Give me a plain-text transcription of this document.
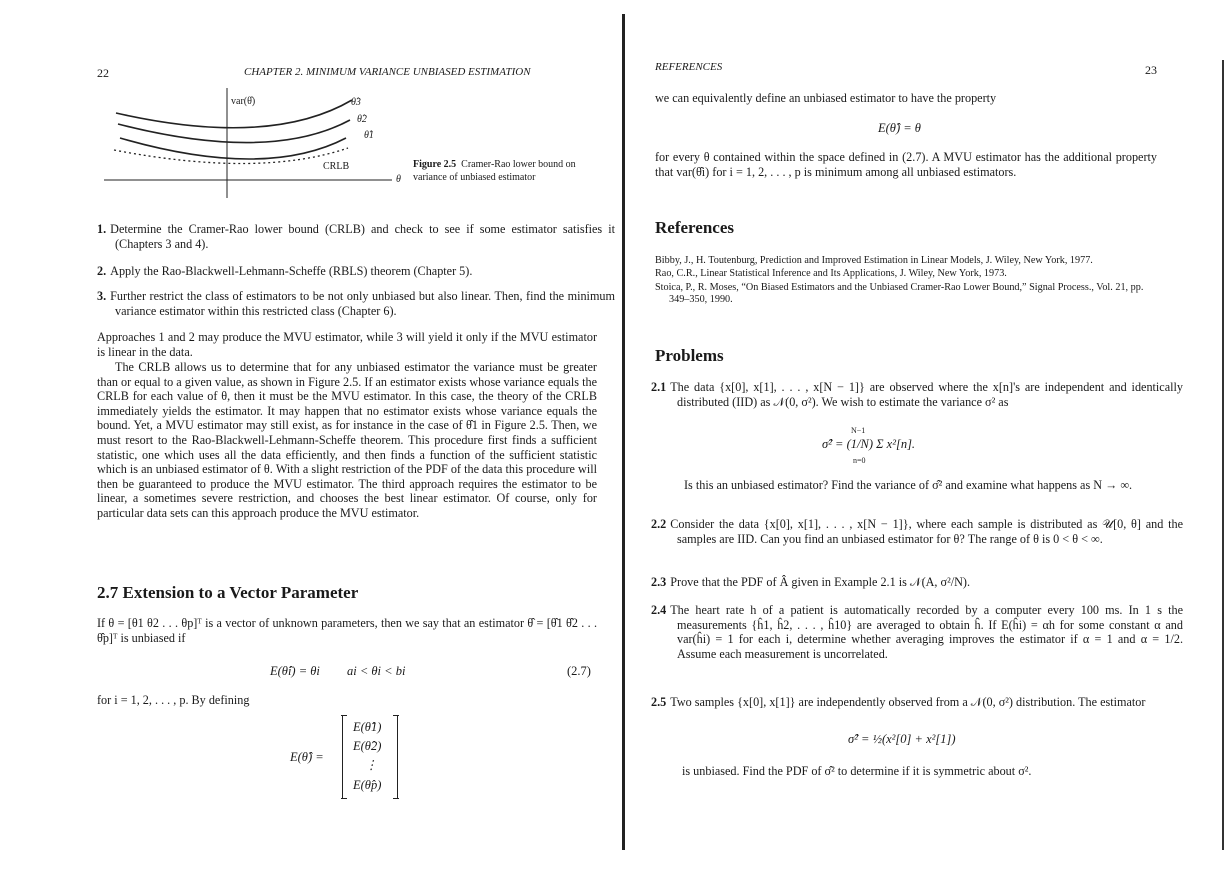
22	CHAPTER 2. MINIMUM VARIANCE UNBIASED ESTIMATION
var(θ̂)	θ̂3
θ̂2
θ̂1
CRLB
θ
Figure 2.5 Cramer-Rao lower bound on variance of unbiased estimator
1. Determine the Cramer-Rao lower bound (CRLB) and check to see if some estimator satisfies it (Chapters 3 and 4).
2. Apply the Rao-Blackwell-Lehmann-Scheffe (RBLS) theorem (Chapter 5).
3. Further restrict the class of estimators to be not only unbiased but also linear. Then, find the minimum variance estimator within this restricted class (Chapter 6).
Approaches 1 and 2 may produce the MVU estimator, while 3 will yield it only if the MVU estimator is linear in the data.
The CRLB allows us to determine that for any unbiased estimator the variance must be greater than or equal to a given value, as shown in Figure 2.5. If an estimator exists whose variance equals the CRLB for each value of θ, then it must be the MVU estimator. In this case, the theory of the CRLB immediately yields the estimator. It may happen that no estimator exists whose variance equals the bound. Yet, a MVU estimator may still exist, as for instance in the case of θ̂1 in Figure 2.5. Then, we must resort to the Rao-Blackwell-Lehmann-Scheffe theorem. This procedure first finds a sufficient statistic, one which uses all the data efficiently, and then finds a function of the sufficient statistic which is an unbiased estimator of θ. With a slight restriction of the PDF of the data this procedure will then be guaranteed to produce the MVU estimator. The third approach requires the estimator to be linear, a sometimes severe restriction, and chooses the best linear estimator. Of course, only for particular data sets can this approach produce the MVU estimator.
2.7 Extension to a Vector Parameter
If θ = [θ1 θ2 . . . θp]ᵀ is a vector of unknown parameters, then we say that an estimator θ̂ = [θ̂1 θ̂2 . . . θ̂p]ᵀ is unbiased if
E(θ̂i) = θi ai < θi < bi	(2.7)
for i = 1, 2, . . . , p. By defining
E(θ̂) =
E(θ̂1)
E(θ̂2)
⋮
E(θ̂p)
REFERENCES	23
we can equivalently define an unbiased estimator to have the property
E(θ̂) = θ
for every θ contained within the space defined in (2.7). A MVU estimator has the additional property that var(θ̂i) for i = 1, 2, . . . , p is minimum among all unbiased estimators.
References

Bibby, J., H. Toutenburg, Prediction and Improved Estimation in Linear Models, J. Wiley, New York, 1977.

Rao, C.R., Linear Statistical Inference and Its Applications, J. Wiley, New York, 1973.

Stoica, P., R. Moses, “On Biased Estimators and the Unbiased Cramer-Rao Lower Bound,” Signal Process., Vol. 21, pp. 349–350, 1990.

Problems
2.1 The data {x[0], x[1], . . . , x[N − 1]} are observed where the x[n]'s are independent and identically distributed (IID) as 𝒩(0, σ²). We wish to estimate the variance σ² as
N−1
σ̂² = (1/N) Σ x²[n].
n=0
Is this an unbiased estimator? Find the variance of σ̂² and examine what happens as N → ∞.
2.2 Consider the data {x[0], x[1], . . . , x[N − 1]}, where each sample is distributed as 𝒰[0, θ] and the samples are IID. Can you find an unbiased estimator for θ? The range of θ is 0 < θ < ∞.
2.3 Prove that the PDF of Â given in Example 2.1 is 𝒩(A, σ²/N).
2.4 The heart rate h of a patient is automatically recorded by a computer every 100 ms. In 1 s the measurements {ĥ1, ĥ2, . . . , ĥ10} are averaged to obtain ĥ. If E(ĥi) = αh for some constant α and var(ĥi) = 1 for each i, determine whether averaging improves the estimator if α = 1 and α = 1/2. Assume each measurement is uncorrelated.
2.5 Two samples {x[0], x[1]} are independently observed from a 𝒩(0, σ²) distribution. The estimator
σ̂² = ½(x²[0] + x²[1])
is unbiased. Find the PDF of σ̂² to determine if it is symmetric about σ².
